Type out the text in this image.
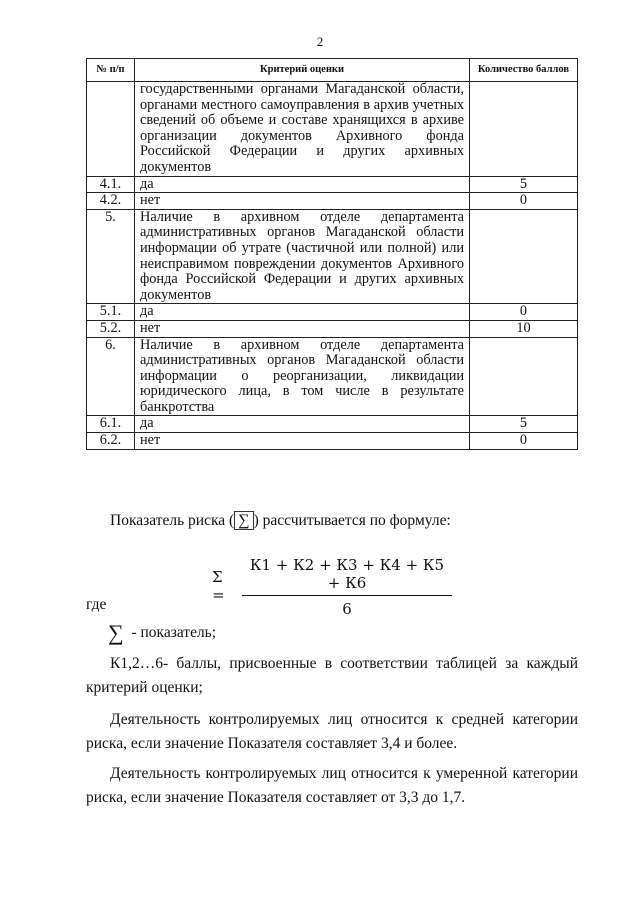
2
№ п/п	Критерий оценки	Количество баллов
	государственными органами Магаданской области, органами местного самоуправления в архив учетных сведений об объеме и составе хранящихся в архиве организации документов Архивного фонда Российской Федерации и других архивных документов	
4.1.	да	5
4.2.	нет	0
5.	Наличие в архивном отделе департамента административных органов Магаданской области информации об утрате (частичной или полной) или неисправимом повреждении документов Архивного фонда Российской Федерации и других архивных документов	
5.1.	да	0
5.2.	нет	10
6.	Наличие в архивном отделе департамента административных органов Магаданской области информации о реорганизации, ликвидации юридического лица, в том числе в результате банкротства	
6.1.	да	5
6.2.	нет	0
Показатель риска ( ∑ ) рассчитывается по формуле:
Σ =
К1 + К2 + К3 + К4 + К5 + К6
6
где
∑ - показатель;
К1,2…6- баллы, присвоенные в соответствии таблицей за каждый критерий оценки;
Деятельность контролируемых лиц относится к средней категории риска, если значение Показателя составляет 3,4 и более.
Деятельность контролируемых лиц относится к умеренной категории риска, если значение Показателя составляет от 3,3 до 1,7.
